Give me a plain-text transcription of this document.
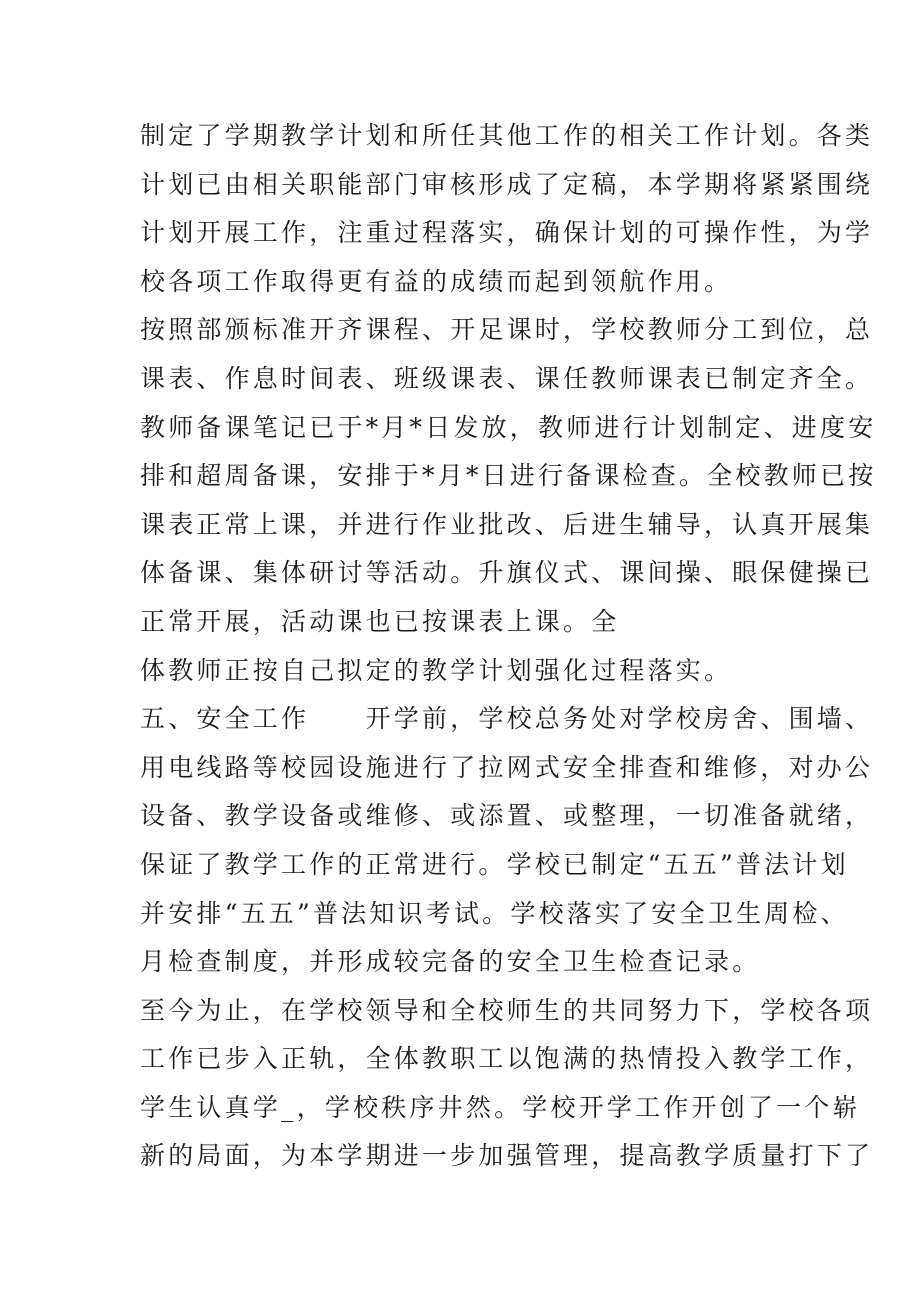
制定了学期教学计划和所任其他工作的相关工作计划。各类
计划已由相关职能部门审核形成了定稿，本学期将紧紧围绕
计划开展工作，注重过程落实，确保计划的可操作性，为学
校各项工作取得更有益的成绩而起到领航作用。
按照部颁标准开齐课程、开足课时，学校教师分工到位，总
课表、作息时间表、班级课表、课任教师课表已制定齐全。
教师备课笔记已于*月*日发放，教师进行计划制定、进度安
排和超周备课，安排于*月*日进行备课检查。全校教师已按
课表正常上课，并进行作业批改、后进生辅导，认真开展集
体备课、集体研讨等活动。升旗仪式、课间操、眼保健操已
正常开展，活动课也已按课表上课。全
体教师正按自己拟定的教学计划强化过程落实。
五、安全工作　　开学前，学校总务处对学校房舍、围墙、
用电线路等校园设施进行了拉网式安全排查和维修，对办公
设备、教学设备或维修、或添置、或整理，一切准备就绪，
保证了教学工作的正常进行。学校已制定“五五”普法计划
并安排“五五”普法知识考试。学校落实了安全卫生周检、
月检查制度，并形成较完备的安全卫生检查记录。
至今为止，在学校领导和全校师生的共同努力下，学校各项
工作已步入正轨，全体教职工以饱满的热情投入教学工作，
学生认真学_，学校秩序井然。学校开学工作开创了一个崭
新的局面，为本学期进一步加强管理，提高教学质量打下了
